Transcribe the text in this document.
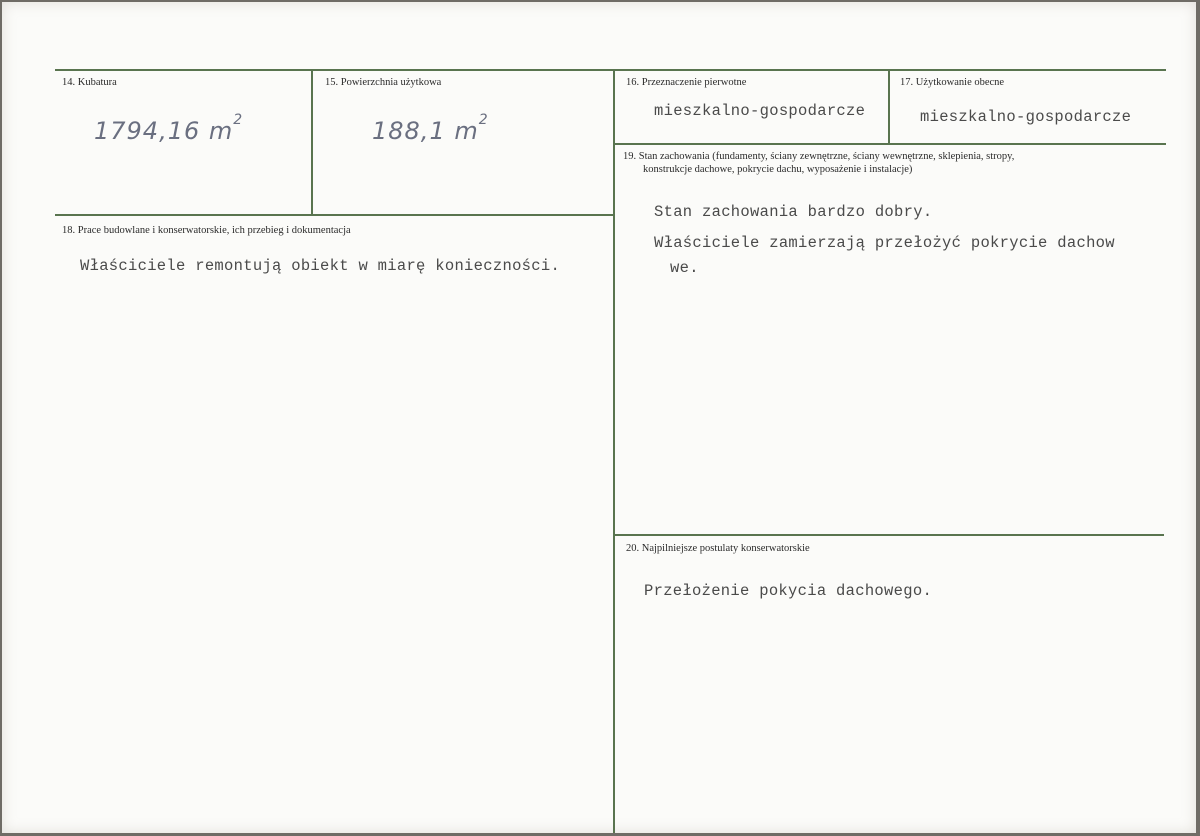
14. Kubatura
1794,16 $m^2$
15. Powierzchnia użytkowa
188,1 $m^2$
16. Przeznaczenie pierwotne
mieszkalno-gospodarcze
17. Użytkowanie obecne
mieszkalno-gospodarcze
18. Prace budowlane i konserwatorskie, ich przebieg i dokumentacja
Właściciele remontują obiekt w miarę konieczności.
19. Stan zachowania (fundamenty, ściany zewnętrzne, ściany wewnętrzne, sklepienia, stropy,
konstrukcje dachowe, pokrycie dachu, wyposażenie i instalacje)
Stan zachowania bardzo dobry.
Właściciele zamierzają przełożyć pokrycie dachow
we.
20. Najpilniejsze postulaty konserwatorskie
Przełożenie pokycia dachowego.
